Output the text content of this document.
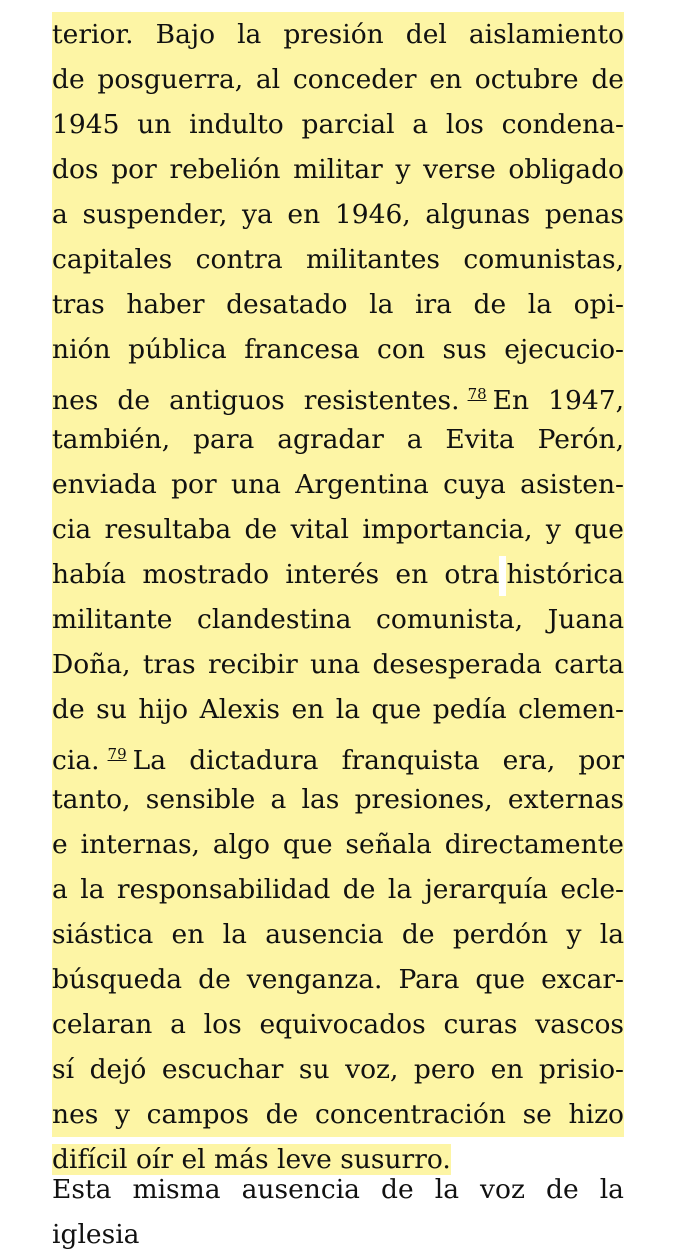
terior. Bajo la presión del aislamiento
de posguerra, al conceder en octubre de
1945 un indulto parcial a los condena-
dos por rebelión militar y verse obligado
a suspender, ya en 1946, algunas penas
capitales contra militantes comunistas,
tras haber desatado la ira de la opi-
nión pública francesa con sus ejecucio-
nes de antiguos resistentes. $^{78}$ En 1947,
también, para agradar a Evita Perón,
enviada por una Argentina cuya asisten-
cia resultaba de vital importancia, y que
había mostrado interés en otra histórica
militante clandestina comunista, Juana
Doña, tras recibir una desesperada carta
de su hijo Alexis en la que pedía clemen-
cia. $^{79}$ La dictadura franquista era, por
tanto, sensible a las presiones, externas
e internas, algo que señala directamente
a la responsabilidad de la jerarquía ecle-
siástica en la ausencia de perdón y la
búsqueda de venganza. Para que excar-
celaran a los equivocados curas vascos
sí dejó escuchar su voz, pero en prisio-
nes y campos de concentración se hizo
difícil oír el más leve susurro.
Esta misma ausencia de la voz de la iglesia
